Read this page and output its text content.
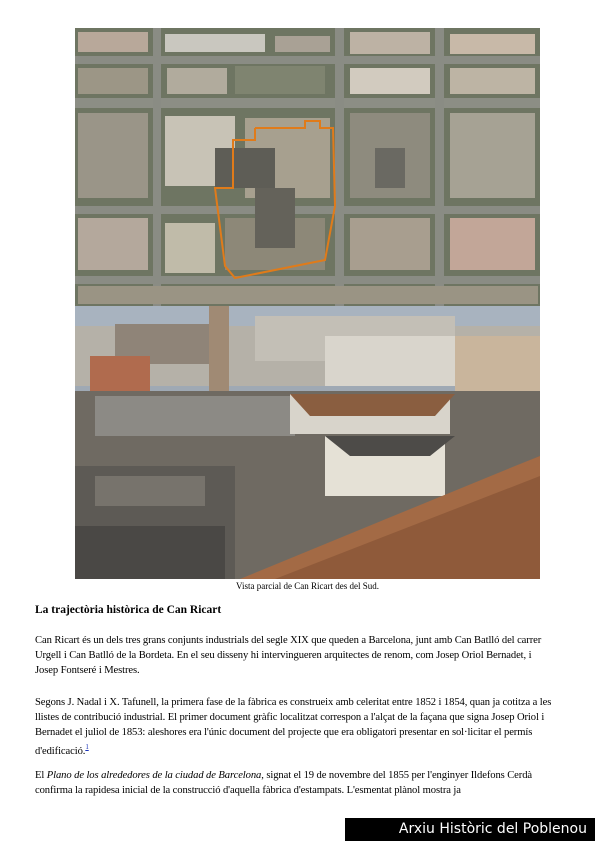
Vista parcial de Can Ricart des del Sud.
La trajectòria històrica de Can Ricart

Can Ricart és un dels tres grans conjunts industrials del segle XIX que queden a Barcelona, junt amb Can Batlló del carrer Urgell i Can Batlló de la Bordeta. En el seu disseny hi intervingueren arquitectes de renom, com Josep Oriol Bernadet, i Josep Fontseré i Mestres.

Segons J. Nadal i X. Tafunell, la primera fase de la fàbrica es construeix amb celeritat entre 1852 i 1854, quan ja cotitza a les llistes de contribució industrial. El primer document gràfic localitzat correspon a l'alçat de la façana que signa Josep Oriol i Bernadet el juliol de 1853: aleshores era l'únic document del projecte que era obligatori presentar en sol·licitar el permís d'edificació.$^1$

El Plano de los alrededores de la ciudad de Barcelona, signat el 19 de novembre del 1855 per l'enginyer Ildefons Cerdà confirma la rapidesa inicial de la construcció d'aquella fàbrica d'estampats. L'esmentat plànol mostra ja

Arxiu Històric del Poblenou
